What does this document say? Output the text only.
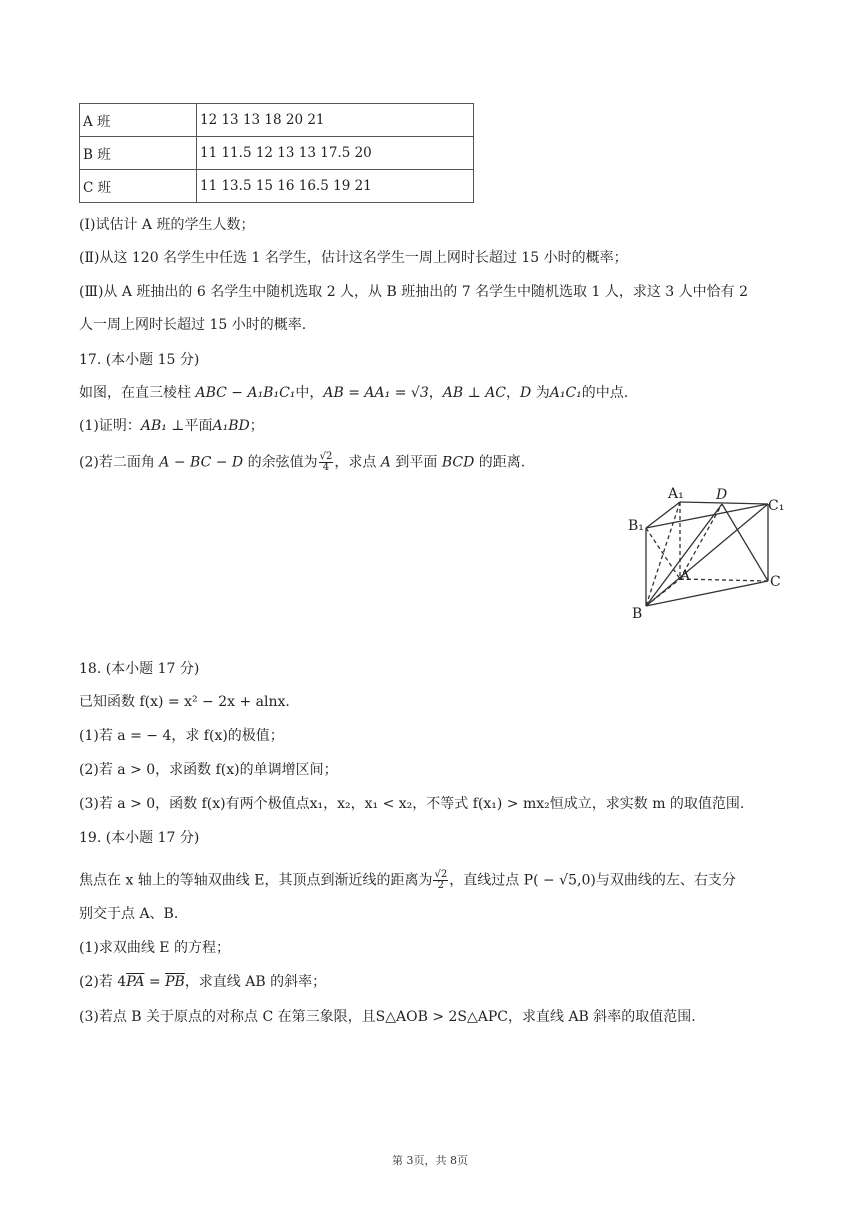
A 班	12 13 13 18 20 21
B 班	11 11.5 12 13 13 17.5 20
C 班	11 13.5 15 16 16.5 19 21
(Ⅰ)试估计 A 班的学生人数；
(Ⅱ)从这 120 名学生中任选 1 名学生，估计这名学生一周上网时长超过 15 小时的概率；
(Ⅲ)从 A 班抽出的 6 名学生中随机选取 2 人，从 B 班抽出的 7 名学生中随机选取 1 人，求这 3 人中恰有 2
人一周上网时长超过 15 小时的概率.
17. (本小题 15 分)
如图，在直三棱柱 ABC − A₁B₁C₁中，AB = AA₁ = √3，AB ⊥ AC，D 为A₁C₁的中点.
(1)证明：AB₁ ⊥平面A₁BD；
(2)若二面角 A − BC − D 的余弦值为 $\frac{√2}{4}$ ，求点 A 到平面 BCD 的距离.
A₁ D
C₁
B₁
A	C
B
18. (本小题 17 分)
已知函数 f(x) = x² − 2x + alnx.
(1)若 a = − 4，求 f(x)的极值；
(2)若 a > 0，求函数 f(x)的单调增区间；
(3)若 a > 0，函数 f(x)有两个极值点x₁，x₂，x₁ < x₂，不等式 f(x₁) > mx₂恒成立，求实数 m 的取值范围.
19. (本小题 17 分)
焦点在 x 轴上的等轴双曲线 E，其顶点到渐近线的距离为 $\frac{√2}{2}$ ，直线过点 P( − √5,0)与双曲线的左、右支分
别交于点 A、B.
(1)求双曲线 E 的方程；
(2)若 $4\overline{PA} = \overline{PB}$，求直线 AB 的斜率；
(3)若点 B 关于原点的对称点 C 在第三象限，且S△AOB > 2S△APC，求直线 AB 斜率的取值范围.
第 3页，共 8页
